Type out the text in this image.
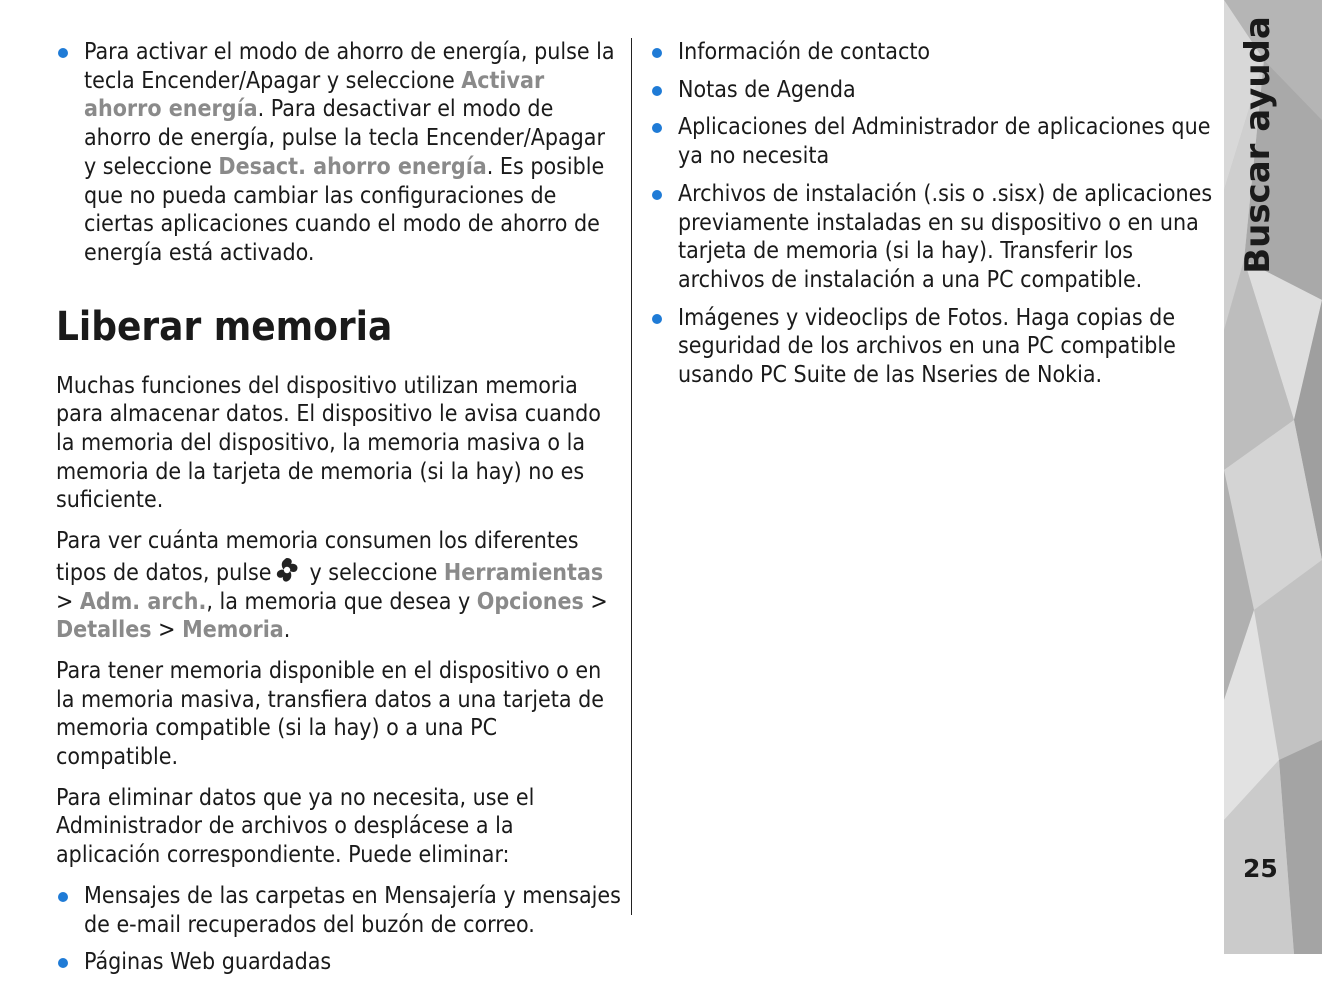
Para activar el modo de ahorro de energía, pulse la tecla Encender/Apagar y seleccione Activar ahorro energía. Para desactivar el modo de ahorro de energía, pulse la tecla Encender/Apagar y seleccione Desact. ahorro energía. Es posible que no pueda cambiar las configuraciones de ciertas aplicaciones cuando el modo de ahorro de energía está activado.
Liberar memoria

Muchas funciones del dispositivo utilizan memoria para almacenar datos. El dispositivo le avisa cuando la memoria del dispositivo, la memoria masiva o la memoria de la tarjeta de memoria (si la hay) no es suficiente.

Para ver cuánta memoria consumen los diferentes tipos de datos, pulse y seleccione Herramientas > Adm. arch., la memoria que desea y Opciones > Detalles > Memoria.

Para tener memoria disponible en el dispositivo o en la memoria masiva, transfiera datos a una tarjeta de memoria compatible (si la hay) o a una PC compatible.

Para eliminar datos que ya no necesita, use el Administrador de archivos o desplácese a la aplicación correspondiente. Puede eliminar:

Mensajes de las carpetas en Mensajería y mensajes de e-mail recuperados del buzón de correo.
Páginas Web guardadas
Información de contacto
Notas de Agenda
Aplicaciones del Administrador de aplicaciones que ya no necesita
Archivos de instalación (.sis o .sisx) de aplicaciones previamente instaladas en su dispositivo o en una tarjeta de memoria (si la hay). Transferir los archivos de instalación a una PC compatible.
Imágenes y videoclips de Fotos. Haga copias de seguridad de los archivos en una PC compatible usando PC Suite de las Nseries de Nokia.
Buscar ayuda
25
